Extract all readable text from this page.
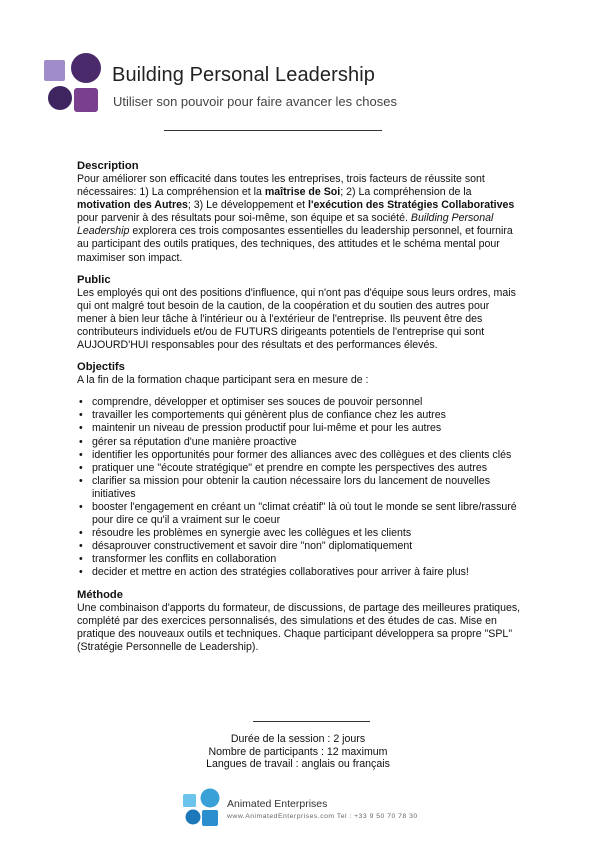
Building Personal Leadership
Utiliser son pouvoir pour faire avancer les choses
Description

Pour améliorer son efficacité dans toutes les entreprises, trois facteurs de réussite sont nécessaires: 1) La compréhension et la maîtrise de Soi; 2) La compréhension de la motivation des Autres; 3) Le développement et l'exécution des Stratégies Collaboratives pour parvenir à des résultats pour soi-même, son équipe et sa société. Building Personal Leadership explorera ces trois composantes essentielles du leadership personnel, et fournira au participant des outils pratiques, des techniques, des attitudes et le schéma mental pour maximiser son impact.

Public

Les employés qui ont des positions d'influence, qui n'ont pas d'équipe sous leurs ordres, mais qui ont malgré tout besoin de la caution, de la coopération et du soutien des autres pour mener à bien leur tâche à l'intérieur ou à l'extérieur de l'entreprise. Ils peuvent être des contributeurs individuels et/ou de FUTURS dirigeants potentiels de l'entreprise qui sont AUJOURD'HUI responsables pour des résultats et des performances élevés.

Objectifs

A la fin de la formation chaque participant sera en mesure de :

• comprendre, développer et optimiser ses souces de pouvoir personnel
• travailler les comportements qui génèrent plus de confiance chez les autres
• maintenir un niveau de pression productif pour lui-même et pour les autres
• gérer sa réputation d'une manière proactive
• identifier les opportunités pour former des alliances avec des collègues et des clients clés
• pratiquer une "écoute stratégique" et prendre en compte les perspectives des autres
• clarifier sa mission pour obtenir la caution nécessaire lors du lancement de nouvelles initiatives
• booster l'engagement en créant un "climat créatif" là où tout le monde se sent libre/rassuré pour dire ce qu'il a vraiment sur le coeur
• résoudre les problèmes en synergie avec les collègues et les clients
• désaprouver constructivement et savoir dire "non" diplomatiquement
• transformer les conflits en collaboration
• decider et mettre en action des stratégies collaboratives pour arriver à faire plus!
Méthode

Une combinaison d'apports du formateur, de discussions, de partage des meilleures pratiques, complété par des exercices personnalisés, des simulations et des études de cas. Mise en pratique des nouveaux outils et techniques. Chaque participant développera sa propre "SPL" (Stratégie Personnelle de Leadership).

Durée de la session : 2 jours
Nombre de participants : 12 maximum
Langues de travail : anglais ou français
Animated Enterprises
www.AnimatedEnterprises.com Tel : +33 9 50 70 78 30
